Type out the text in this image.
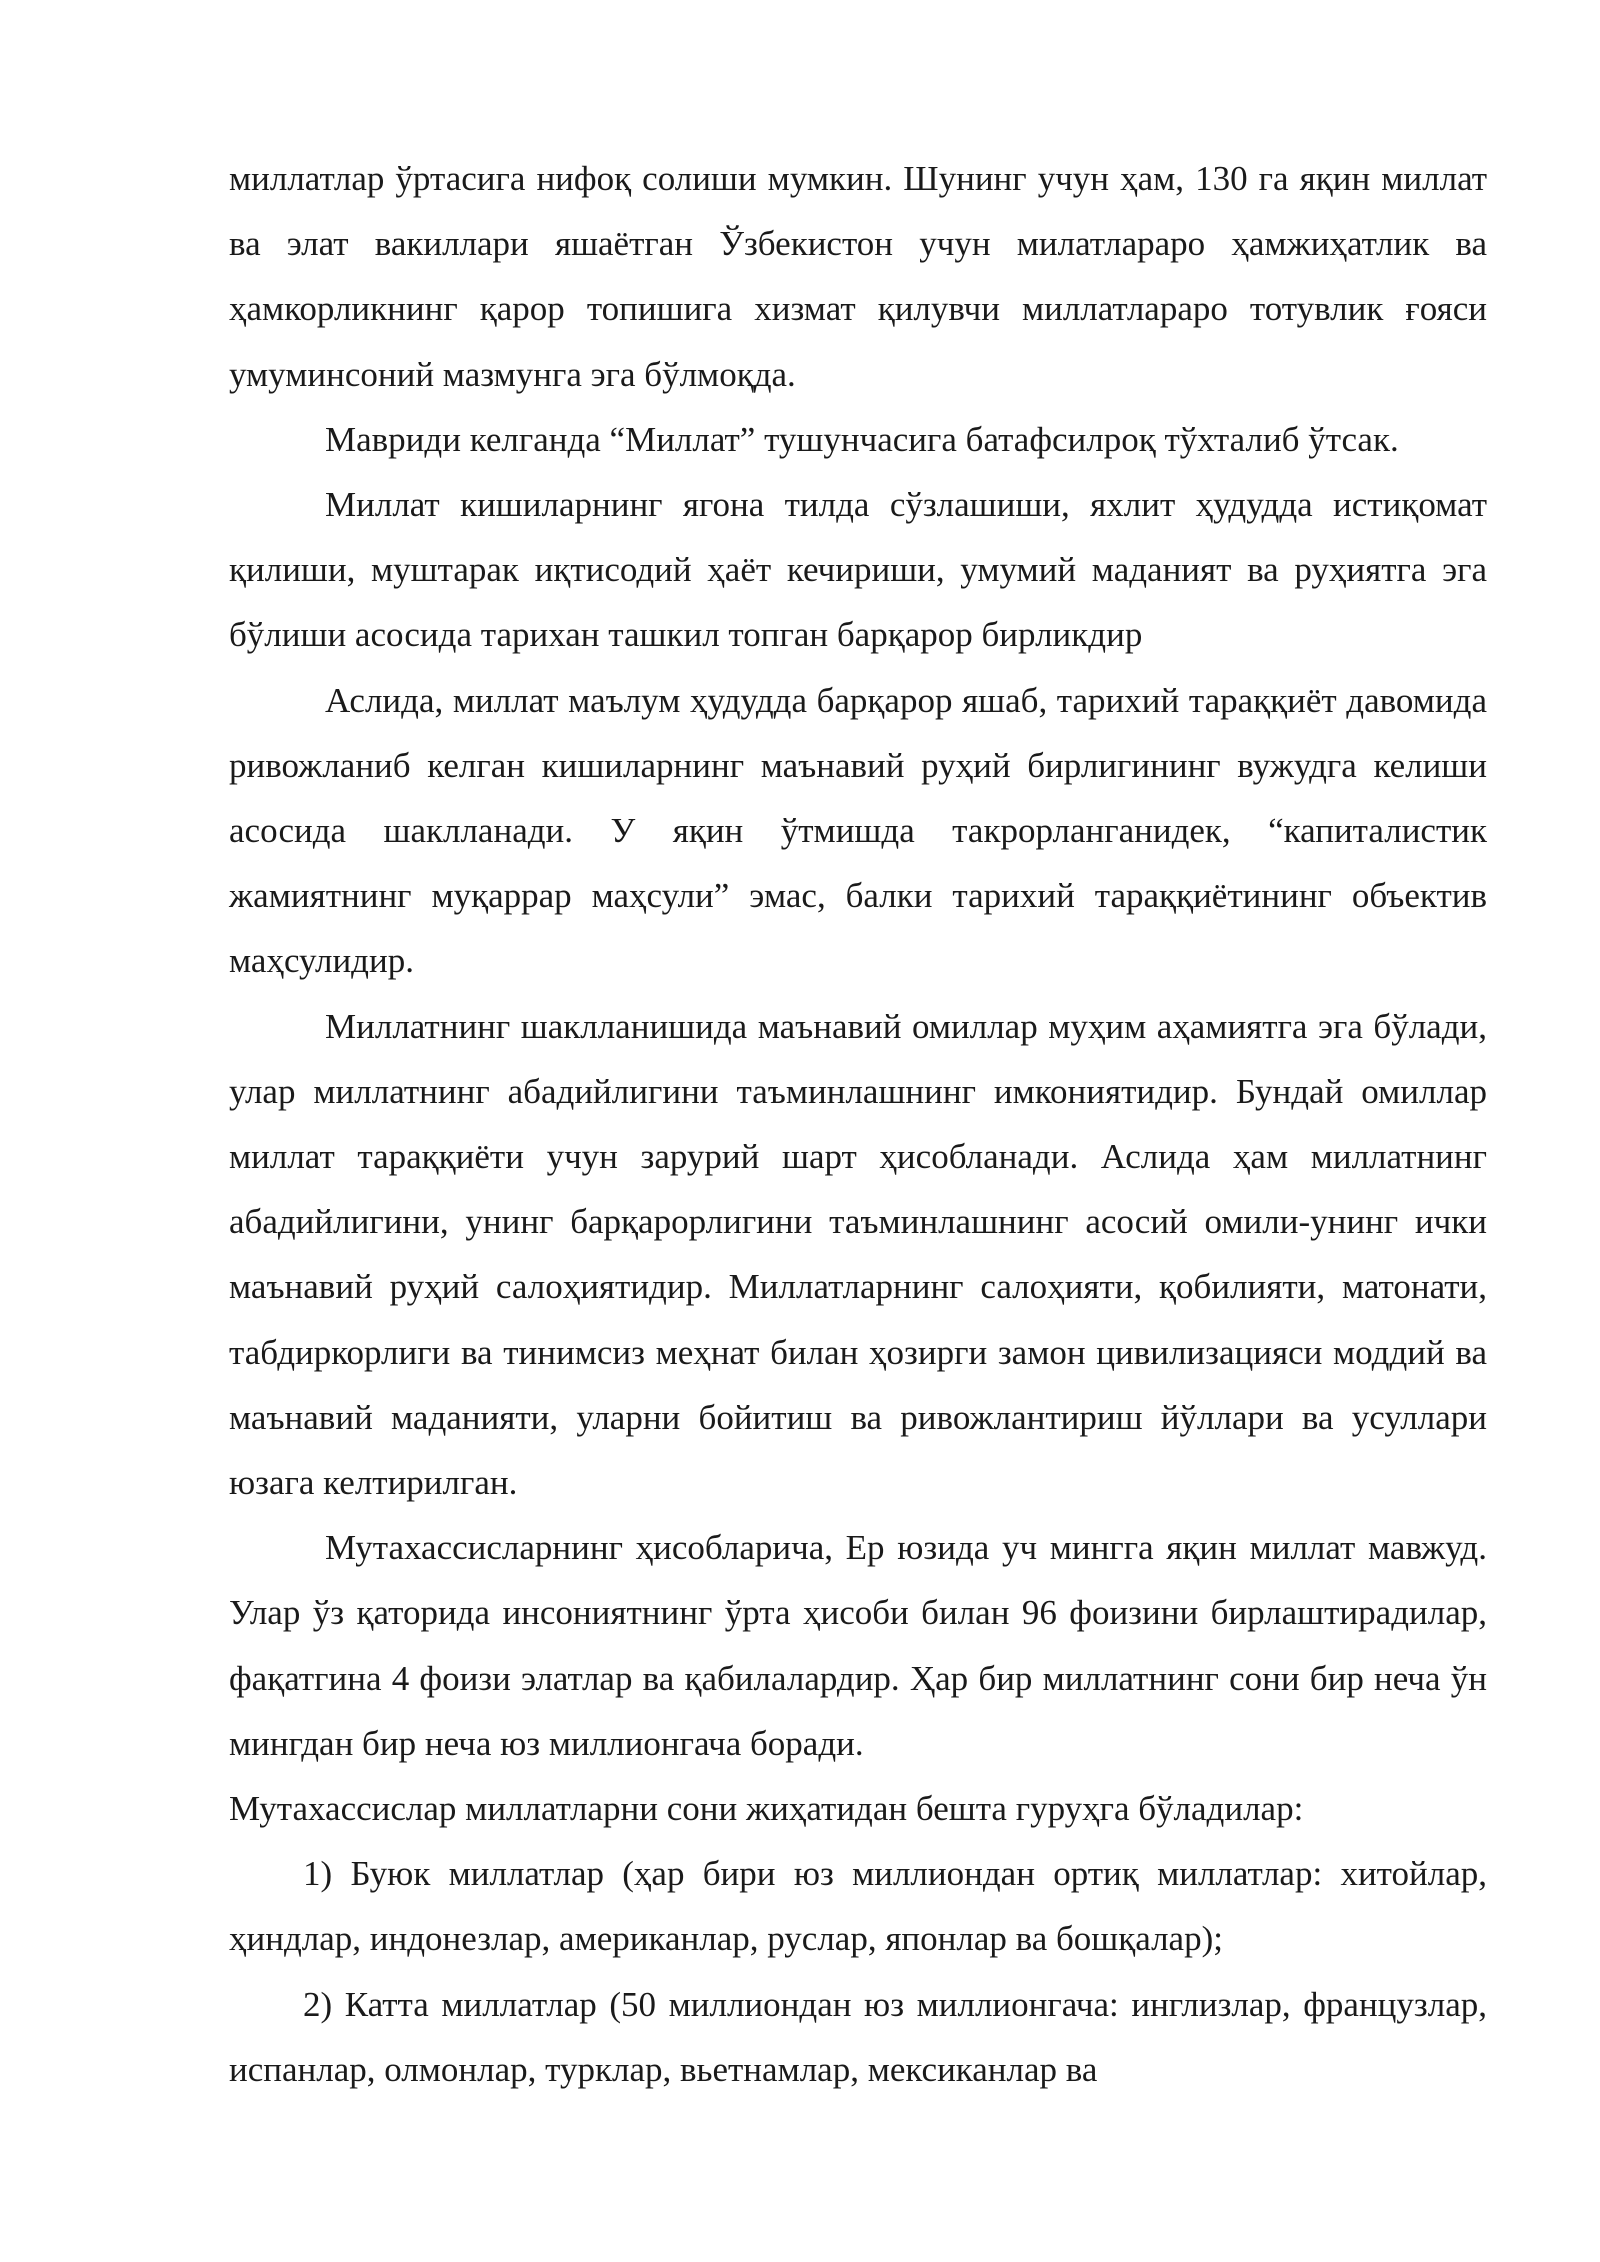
миллатлар ўртасига нифоқ солиши мумкин. Шунинг учун ҳам, 130 га яқин миллат ва элат вакиллари яшаётган Ўзбекистон учун милатлараро ҳамжиҳатлик ва ҳамкорликнинг қарор топишига хизмат қилувчи миллатлараро тотувлик ғояси умуминсоний мазмунга эга бўлмоқда.

Мавриди келганда “Миллат” тушунчасига батафсилроқ тўхталиб ўтсак.

Миллат кишиларнинг ягона тилда сўзлашиши, яхлит ҳудудда истиқомат қилиши, муштарак иқтисодий ҳаёт кечириши, умумий маданият ва руҳиятга эга бўлиши асосида тарихан ташкил топган барқарор бирликдир

Аслида, миллат маълум ҳудудда барқарор яшаб, тарихий тараққиёт давомида ривожланиб келган кишиларнинг маънавий руҳий бирлигининг вужудга келиши асосида шаклланади. У яқин ўтмишда такрорланганидек, “капиталистик жамиятнинг муқаррар маҳсули” эмас, балки тарихий тараққиётининг объектив маҳсулидир.

Миллатнинг шаклланишида маънавий омиллар муҳим аҳамиятга эга бўлади, улар миллатнинг абадийлигини таъминлашнинг имкониятидир. Бундай омиллар миллат тараққиёти учун зарурий шарт ҳисобланади. Аслида ҳам миллатнинг абадийлигини, унинг барқарорлигини таъминлашнинг асосий омили-унинг ички маънавий руҳий салоҳиятидир. Миллатларнинг салоҳияти, қобилияти, матонати, табдиркорлиги ва тинимсиз меҳнат билан ҳозирги замон цивилизацияси моддий ва маънавий маданияти, уларни бойитиш ва ривожлантириш йўллари ва усуллари юзага келтирилган.

Мутахассисларнинг ҳисобларича, Ер юзида уч мингга яқин миллат мавжуд. Улар ўз қаторида инсониятнинг ўрта ҳисоби билан 96 фоизини бирлаштирадилар, фақатгина 4 фоизи элатлар ва қабилалардир. Ҳар бир миллатнинг сони бир неча ўн мингдан бир неча юз миллионгача боради.

Мутахассислар миллатларни сони жиҳатидан бешта гуруҳга бўладилар:

1) Буюк миллатлар (ҳар бири юз миллиондан ортиқ миллатлар: хитойлар, ҳиндлар, индонезлар, американлар, руслар, японлар ва бошқалар);

2) Катта миллатлар (50 миллиондан юз миллионгача: инглизлар, французлар, испанлар, олмонлар, турклар, вьетнамлар, мексиканлар ва
